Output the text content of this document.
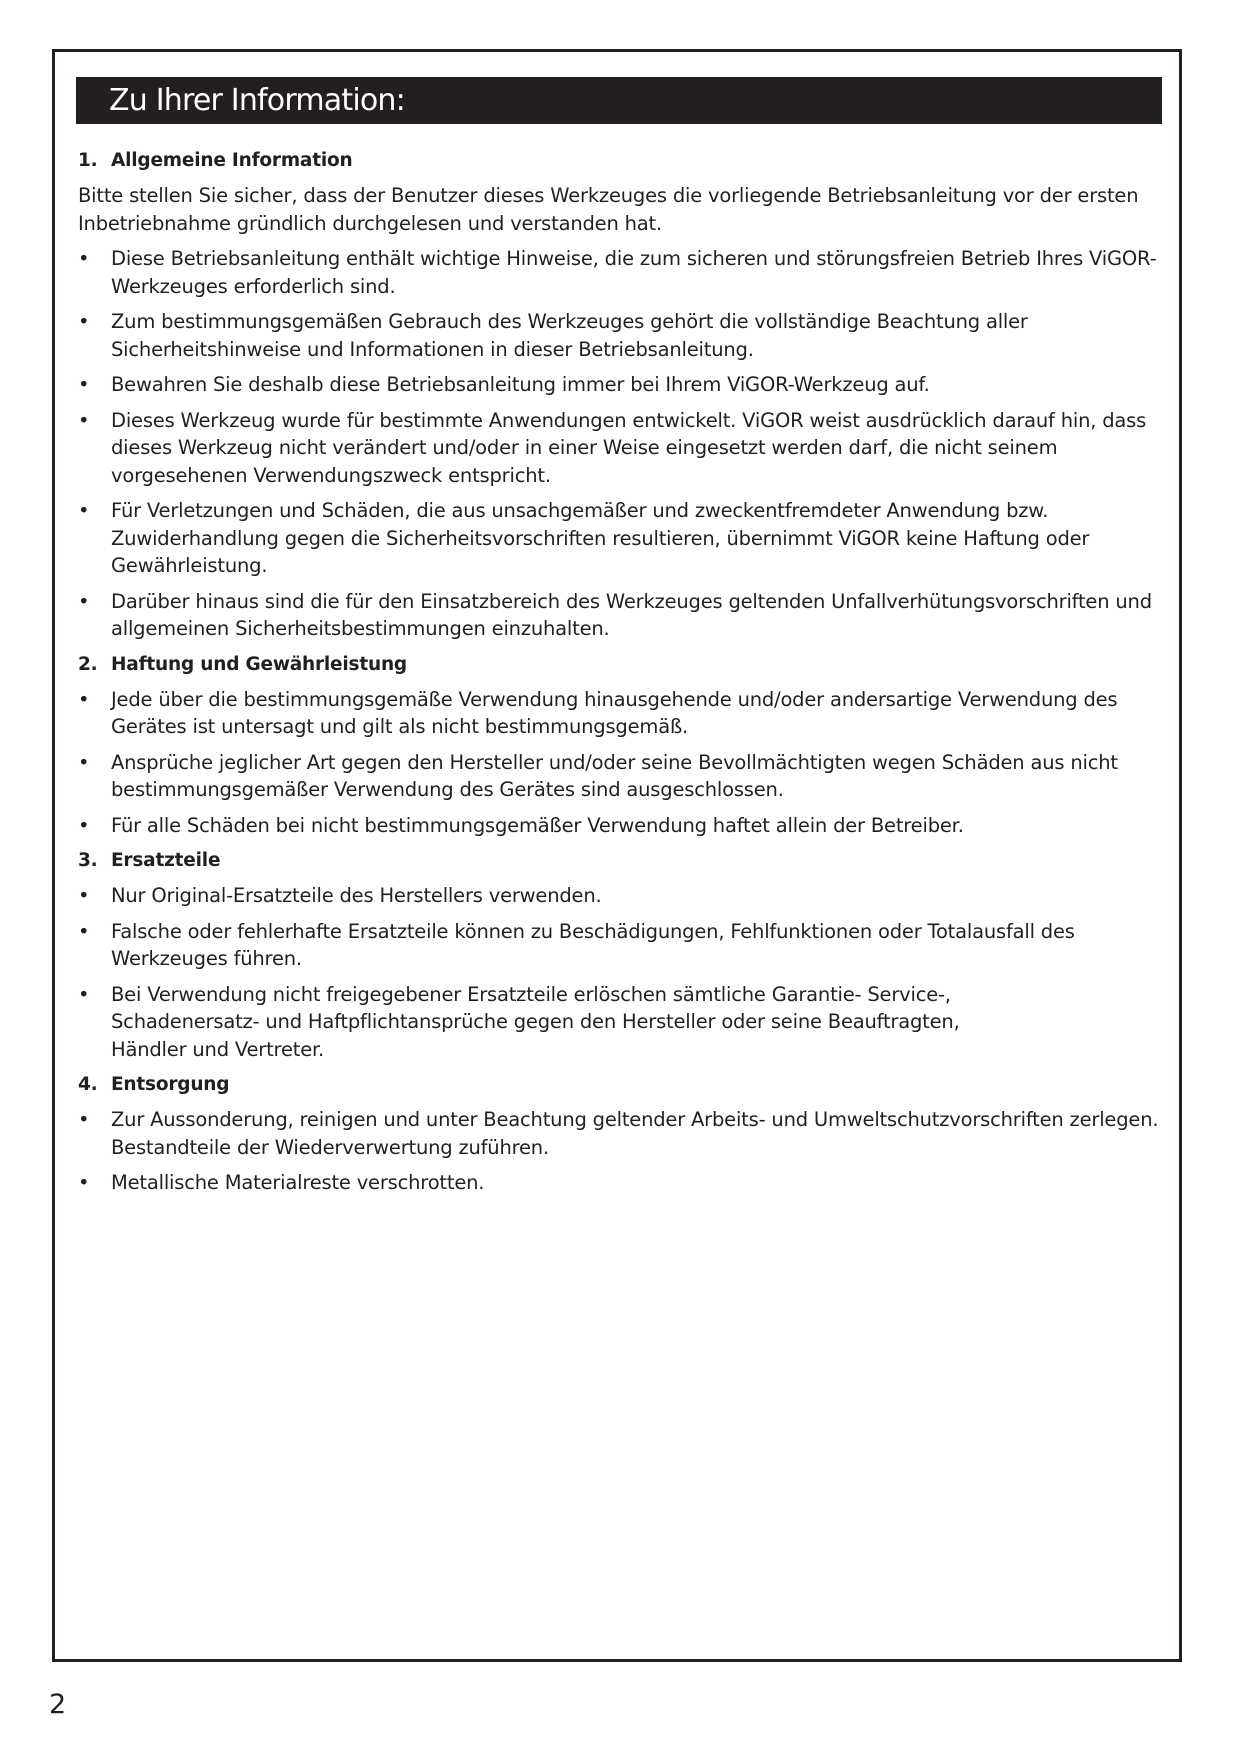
Zu Ihrer Information:
1. Allgemeine Information
Bitte stellen Sie sicher, dass der Benutzer dieses Werkzeuges die vorliegende Betriebsanleitung vor der ersten Inbetriebnahme gründlich durchgelesen und verstanden hat.
•	Diese Betriebsanleitung enthält wichtige Hinweise, die zum sicheren und störungsfreien Betrieb Ihres ViGOR-Werkzeuges erforderlich sind.
•	Zum bestimmungsgemäßen Gebrauch des Werkzeuges gehört die vollständige Beachtung aller Sicherheitshinweise und Informationen in dieser Betriebsanleitung.
•	Bewahren Sie deshalb diese Betriebsanleitung immer bei Ihrem ViGOR-Werkzeug auf.
•	Dieses Werkzeug wurde für bestimmte Anwendungen entwickelt. ViGOR weist ausdrücklich darauf hin, dass dieses Werkzeug nicht verändert und/oder in einer Weise eingesetzt werden darf, die nicht seinem vorgesehenen Verwendungszweck entspricht.
•	Für Verletzungen und Schäden, die aus unsachgemäßer und zweckentfremdeter Anwendung bzw. Zuwiderhandlung gegen die Sicherheitsvorschriften resultieren, übernimmt ViGOR keine Haftung oder Gewährleistung.
•	Darüber hinaus sind die für den Einsatzbereich des Werkzeuges geltenden Unfallverhütungsvorschriften und allgemeinen Sicherheitsbestimmungen einzuhalten.
2. Haftung und Gewährleistung
•	Jede über die bestimmungsgemäße Verwendung hinausgehende und/oder andersartige Verwendung des Gerätes ist untersagt und gilt als nicht bestimmungsgemäß.
•	Ansprüche jeglicher Art gegen den Hersteller und/oder seine Bevollmächtigten wegen Schäden aus nicht bestimmungsgemäßer Verwendung des Gerätes sind ausgeschlossen.
•	Für alle Schäden bei nicht bestimmungsgemäßer Verwendung haftet allein der Betreiber.
3. Ersatzteile
•	Nur Original-Ersatzteile des Herstellers verwenden.
•	Falsche oder fehlerhafte Ersatzteile können zu Beschädigungen, Fehlfunktionen oder Totalausfall des Werkzeuges führen.
•	Bei Verwendung nicht freigegebener Ersatzteile erlöschen sämtliche Garantie- Service-,
Schadenersatz- und Haftpflichtansprüche gegen den Hersteller oder seine Beauftragten,
Händler und Vertreter.
4. Entsorgung
•	Zur Aussonderung, reinigen und unter Beachtung geltender Arbeits- und Umweltschutzvorschriften zerlegen. Bestandteile der Wiederverwertung zuführen.
•	Metallische Materialreste verschrotten.
2
